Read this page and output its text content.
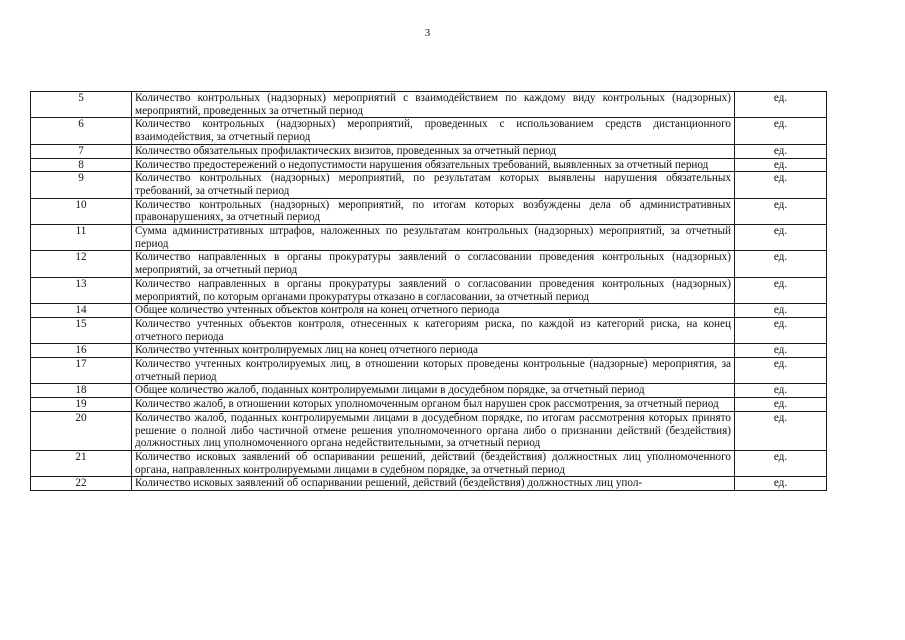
3
5	Количество контрольных (надзорных) мероприятий с взаимодействием по каждому виду контрольных (надзорных) мероприятий, проведенных за отчетный период	ед.
6	Количество контрольных (надзорных) мероприятий, проведенных с использованием средств дистанционного взаимодействия, за отчетный период	ед.
7	Количество обязательных профилактических визитов, проведенных за отчетный период	ед.
8	Количество предостережений о недопустимости нарушения обязательных требований, выявленных за отчетный период	ед.
9	Количество контрольных (надзорных) мероприятий, по результатам которых выявлены нарушения обязательных требований, за отчетный период	ед.
10	Количество контрольных (надзорных) мероприятий, по итогам которых возбуждены дела об административных правонарушениях, за отчетный период	ед.
11	Сумма административных штрафов, наложенных по результатам контрольных (надзорных) мероприятий, за отчетный период	ед.
12	Количество направленных в органы прокуратуры заявлений о согласовании проведения контрольных (надзорных) мероприятий, за отчетный период	ед.
13	Количество направленных в органы прокуратуры заявлений о согласовании проведения контрольных (надзорных) мероприятий, по которым органами прокуратуры отказано в согласовании, за отчетный период	ед.
14	Общее количество учтенных объектов контроля на конец отчетного периода	ед.
15	Количество учтенных объектов контроля, отнесенных к категориям риска, по каждой из категорий риска, на конец отчетного периода	ед.
16	Количество учтенных контролируемых лиц на конец отчетного периода	ед.
17	Количество учтенных контролируемых лиц, в отношении которых проведены контрольные (надзорные) мероприятия, за отчетный период	ед.
18	Общее количество жалоб, поданных контролируемыми лицами в досудебном порядке, за отчетный период	ед.
19	Количество жалоб, в отношении которых уполномоченным органом был нарушен срок рассмотрения, за отчетный период	ед.
20	Количество жалоб, поданных контролируемыми лицами в досудебном порядке, по итогам рассмотрения которых принято решение о полной либо частичной отмене решения уполномоченного органа либо о признании действий (бездействия) должностных лиц уполномоченного органа недействительными, за отчетный период	ед.
21	Количество исковых заявлений об оспаривании решений, действий (бездействия) должностных лиц уполномоченного органа, направленных контролируемыми лицами в судебном порядке, за отчетный период	ед.
22	Количество исковых заявлений об оспаривании решений, действий (бездействия) должностных лиц упол-	ед.
